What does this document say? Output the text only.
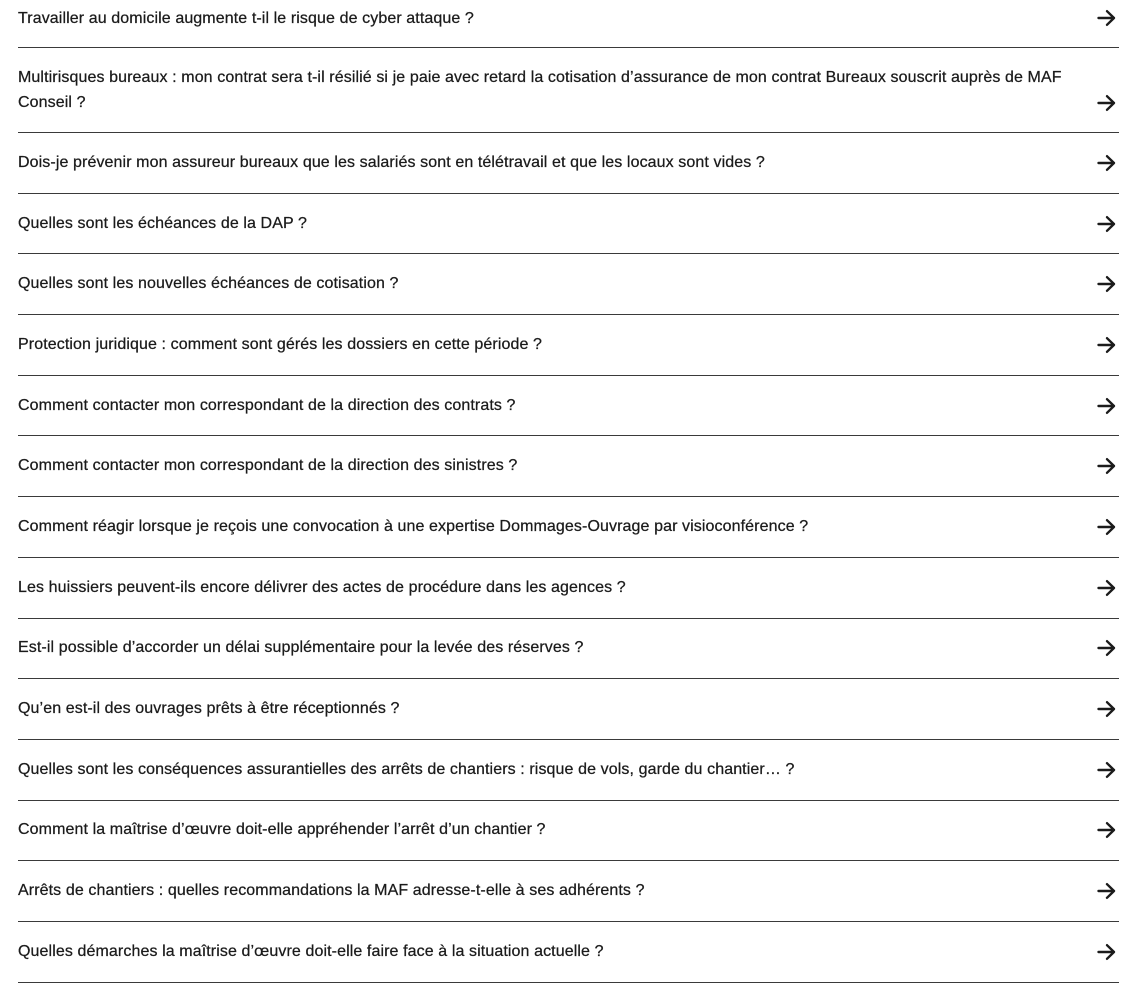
Travailler au domicile augmente t-il le risque de cyber attaque ?
Multirisques bureaux : mon contrat sera t-il résilié si je paie avec retard la cotisation d’assurance de mon contrat Bureaux souscrit auprès de MAF Conseil ?
Dois-je prévenir mon assureur bureaux que les salariés sont en télétravail et que les locaux sont vides ?
Quelles sont les échéances de la DAP ?
Quelles sont les nouvelles échéances de cotisation ?
Protection juridique : comment sont gérés les dossiers en cette période ?
Comment contacter mon correspondant de la direction des contrats ?
Comment contacter mon correspondant de la direction des sinistres ?
Comment réagir lorsque je reçois une convocation à une expertise Dommages-Ouvrage par visioconférence ?
Les huissiers peuvent-ils encore délivrer des actes de procédure dans les agences ?
Est-il possible d’accorder un délai supplémentaire pour la levée des réserves ?
Qu’en est-il des ouvrages prêts à être réceptionnés ?
Quelles sont les conséquences assurantielles des arrêts de chantiers : risque de vols, garde du chantier… ?
Comment la maîtrise d’œuvre doit-elle appréhender l’arrêt d’un chantier ?
Arrêts de chantiers : quelles recommandations la MAF adresse-t-elle à ses adhérents ?
Quelles démarches la maîtrise d’œuvre doit-elle faire face à la situation actuelle ?
